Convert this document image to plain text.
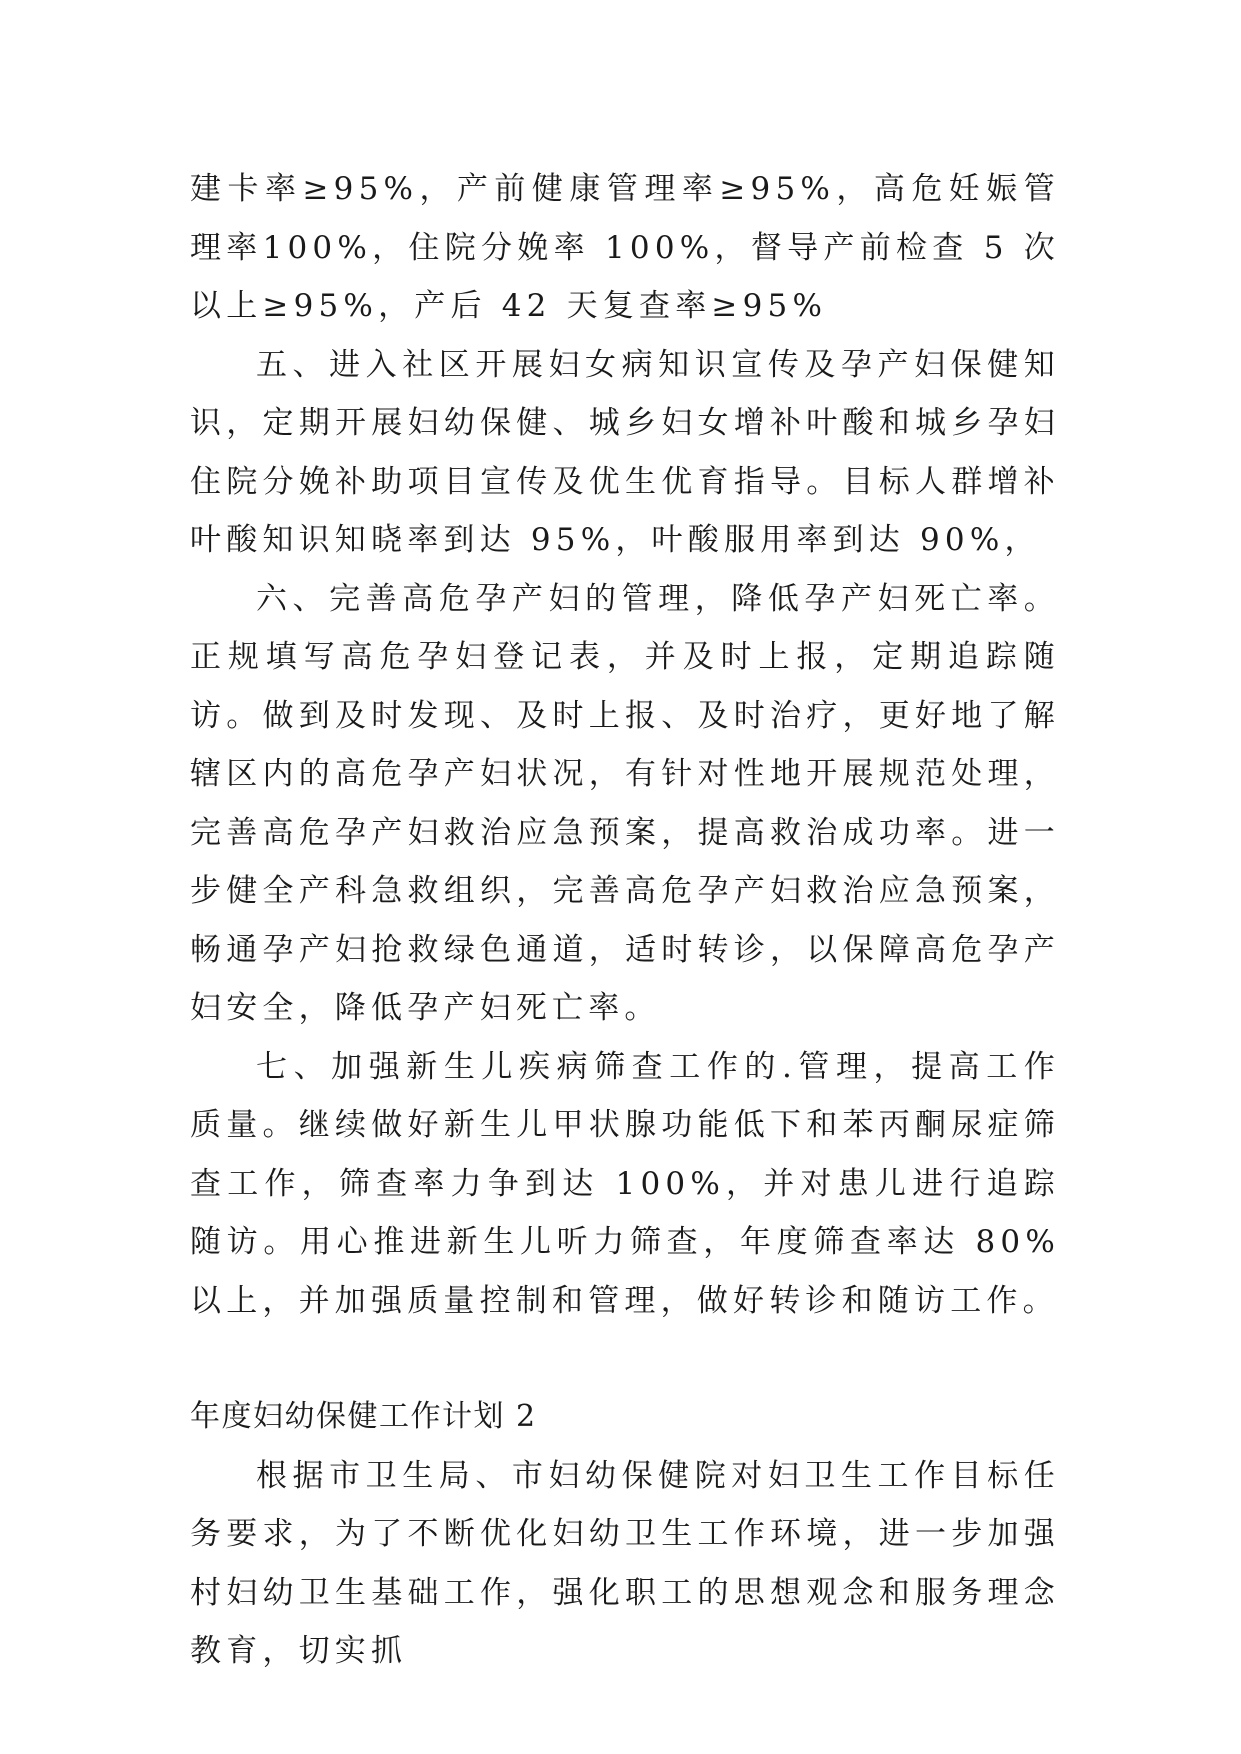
建卡率≥95%，产前健康管理率≥95%，高危妊娠管理率100%，住院分娩率 100%，督导产前检查 5 次以上≥95%，产后 42 天复查率≥95%

五、进入社区开展妇女病知识宣传及孕产妇保健知识，定期开展妇幼保健、城乡妇女增补叶酸和城乡孕妇住院分娩补助项目宣传及优生优育指导。目标人群增补叶酸知识知晓率到达 95%，叶酸服用率到达 90%，

六、完善高危孕产妇的管理，降低孕产妇死亡率。正规填写高危孕妇登记表，并及时上报，定期追踪随访。做到及时发现、及时上报、及时治疗，更好地了解辖区内的高危孕产妇状况，有针对性地开展规范处理，完善高危孕产妇救治应急预案，提高救治成功率。进一步健全产科急救组织，完善高危孕产妇救治应急预案，畅通孕产妇抢救绿色通道，适时转诊，以保障高危孕产妇安全，降低孕产妇死亡率。

七、加强新生儿疾病筛查工作的.管理，提高工作质量。继续做好新生儿甲状腺功能低下和苯丙酮尿症筛查工作，筛查率力争到达 100%，并对患儿进行追踪随访。用心推进新生儿听力筛查，年度筛查率达 80%以上，并加强质量控制和管理，做好转诊和随访工作。

年度妇幼保健工作计划 2

根据市卫生局、市妇幼保健院对妇卫生工作目标任务要求，为了不断优化妇幼卫生工作环境，进一步加强村妇幼卫生基础工作，强化职工的思想观念和服务理念教育，切实抓
